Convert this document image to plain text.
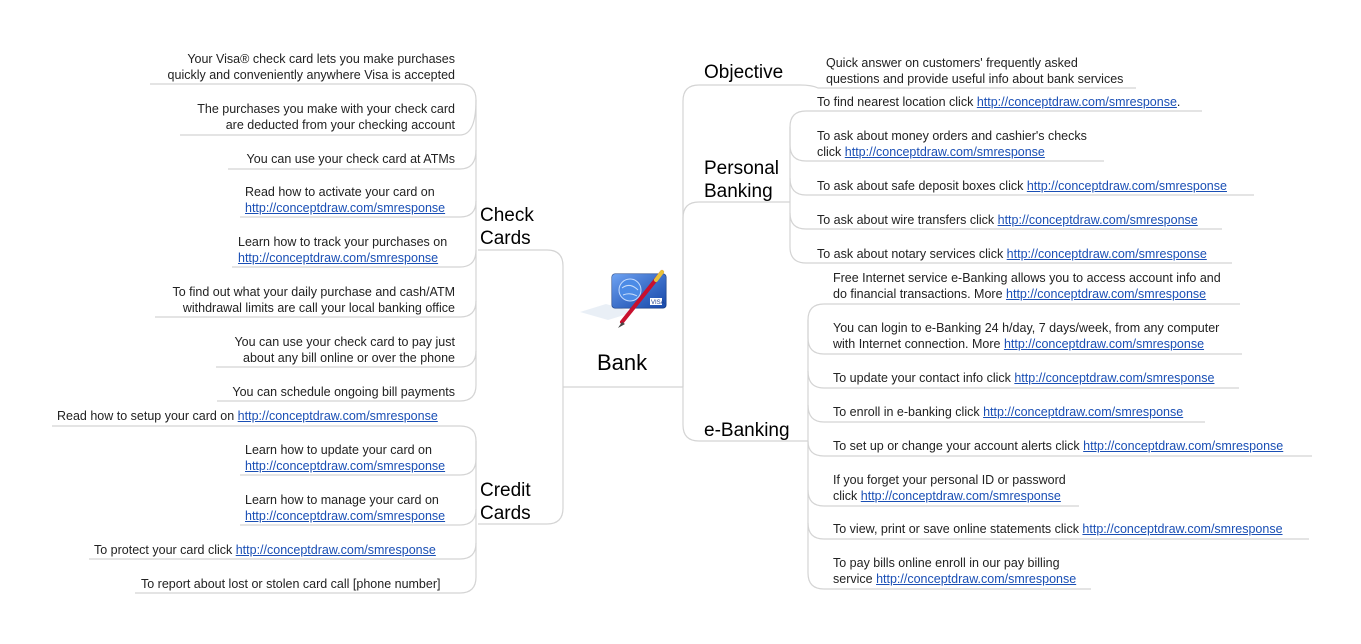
VISA
Bank
Check
Cards
Your Visa® check card lets you make purchases
quickly and conveniently anywhere Visa is accepted
The purchases you make with your check card
are deducted from your checking account
You can use your check card at ATMs
Read how to activate your card on
http://conceptdraw.com/smresponse
Learn how to track your purchases on
http://conceptdraw.com/smresponse
To find out what your daily purchase and cash/ATM
withdrawal limits are call your local banking office
You can use your check card to pay just
about any bill online or over the phone
You can schedule ongoing bill payments
Credit
Cards
Read how to setup your card on http://conceptdraw.com/smresponse
Learn how to update your card on
http://conceptdraw.com/smresponse
Learn how to manage your card on
http://conceptdraw.com/smresponse
To protect your card click http://conceptdraw.com/smresponse
To report about lost or stolen card call [phone number]
Objective	Quick answer on customers' frequently asked
questions and provide useful info about bank services
Personal
Banking
To find nearest location click http://conceptdraw.com/smresponse.
To ask about money orders and cashier's checks
click http://conceptdraw.com/smresponse
To ask about safe deposit boxes click http://conceptdraw.com/smresponse
To ask about wire transfers click http://conceptdraw.com/smresponse
To ask about notary services click http://conceptdraw.com/smresponse
e-Banking
Free Internet service e-Banking allows you to access account info and
do financial transactions. More http://conceptdraw.com/smresponse
You can login to e-Banking 24 h/day, 7 days/week, from any computer
with Internet connection. More http://conceptdraw.com/smresponse
To update your contact info click http://conceptdraw.com/smresponse
To enroll in e-banking click http://conceptdraw.com/smresponse
To set up or change your account alerts click http://conceptdraw.com/smresponse
If you forget your personal ID or password
click http://conceptdraw.com/smresponse
To view, print or save online statements click http://conceptdraw.com/smresponse
To pay bills online enroll in our pay billing
service http://conceptdraw.com/smresponse
